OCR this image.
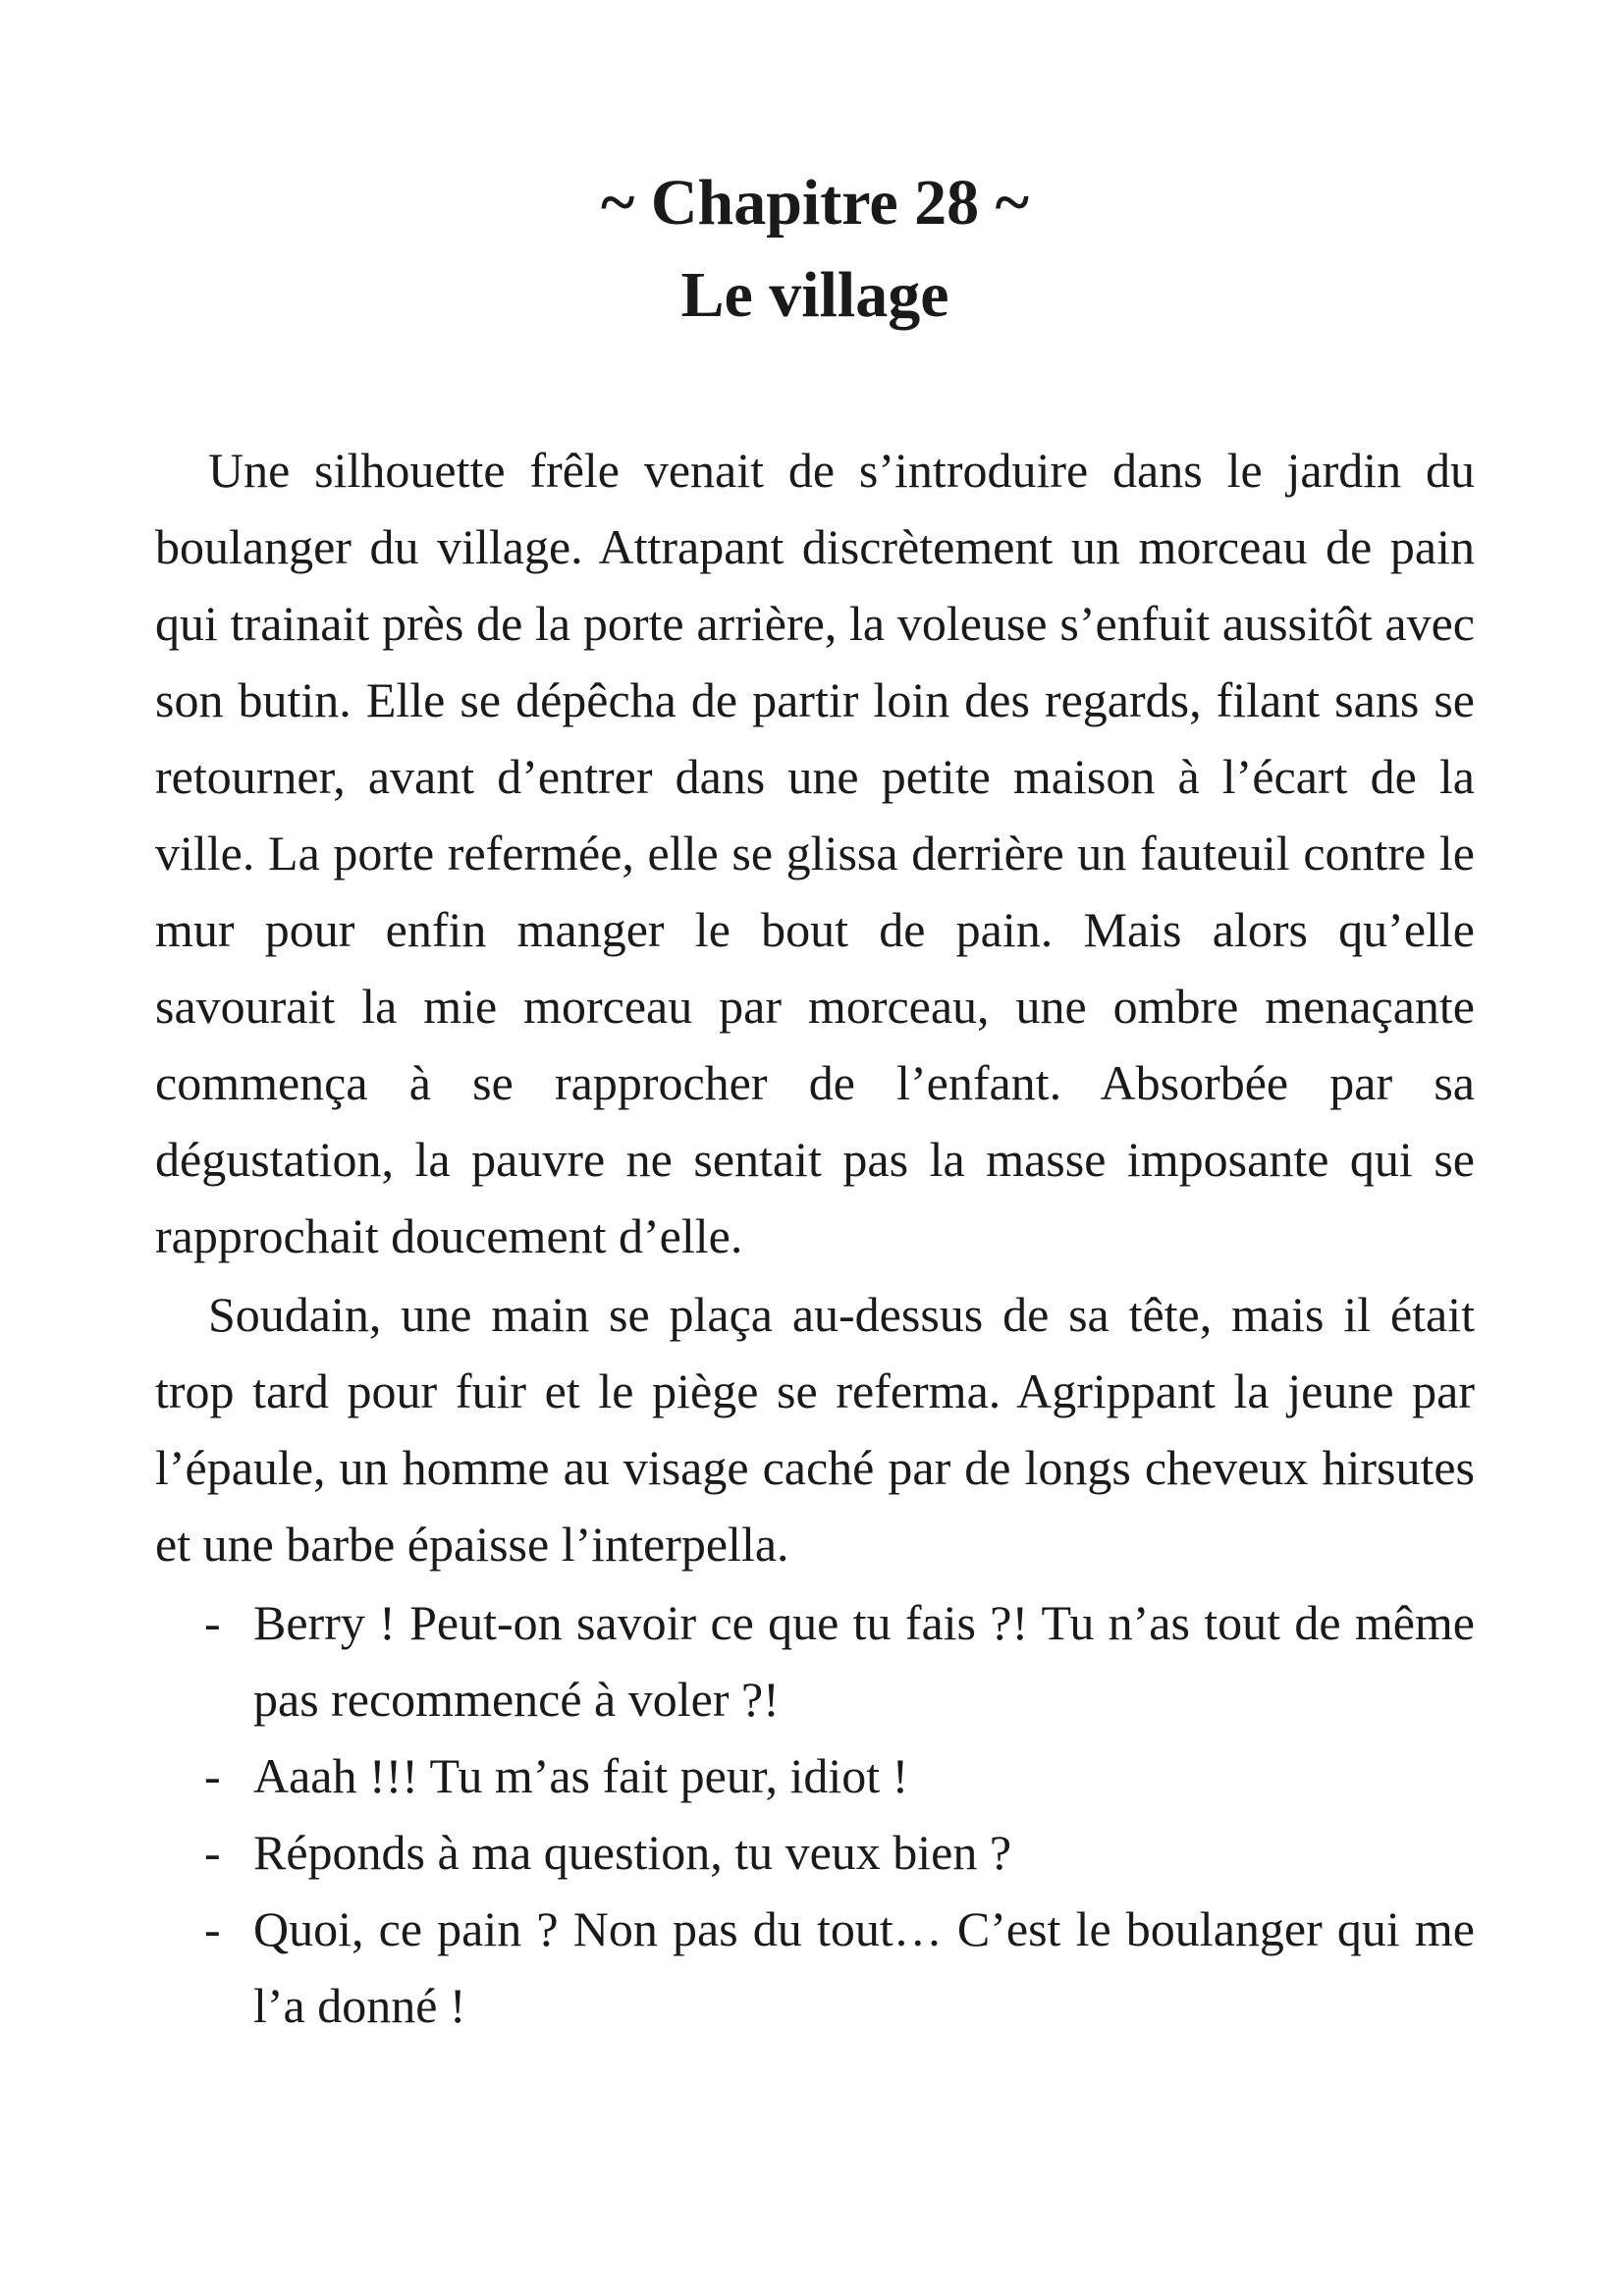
~ Chapitre 28 ~
Le village

Une silhouette frêle venait de s’introduire dans le jardin du boulanger du village. Attrapant discrètement un morceau de pain qui trainait près de la porte arrière, la voleuse s’enfuit aussitôt avec son butin. Elle se dépêcha de partir loin des regards, filant sans se retourner, avant d’entrer dans une petite maison à l’écart de la ville. La porte refermée, elle se glissa derrière un fauteuil contre le mur pour enfin manger le bout de pain. Mais alors qu’elle savourait la mie morceau par morceau, une ombre menaçante commença à se rapprocher de l’enfant. Absorbée par sa dégustation, la pauvre ne sentait pas la masse imposante qui se rapprochait doucement d’elle.

Soudain, une main se plaça au-dessus de sa tête, mais il était trop tard pour fuir et le piège se referma. Agrippant la jeune par l’épaule, un homme au visage caché par de longs cheveux hirsutes et une barbe épaisse l’interpella.

- Berry ! Peut-on savoir ce que tu fais ?! Tu n’as tout de même pas recommencé à voler ?!
- Aaah !!! Tu m’as fait peur, idiot !
- Réponds à ma question, tu veux bien ?
- Quoi, ce pain ? Non pas du tout… C’est le boulanger qui me l’a donné !
